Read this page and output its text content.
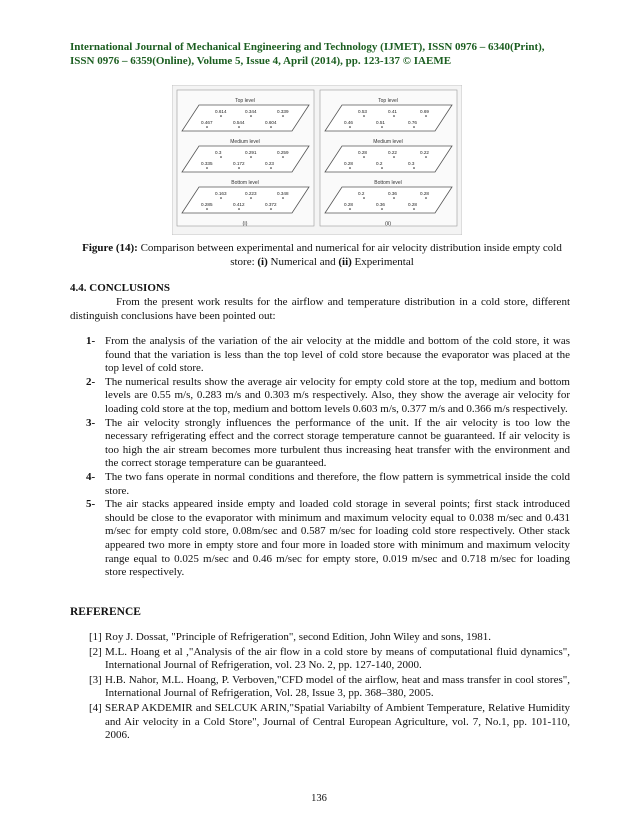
International Journal of Mechanical Engineering and Technology (IJMET), ISSN 0976 – 6340(Print),
ISSN 0976 – 6359(Online), Volume 5, Issue 4, April (2014), pp. 123-137 © IAEME
Top level
0.614	0.344	0.339
0.467	0.544	0.604
Medium level
0.3	0.291	0.259
0.335	0.172	0.23
Bottom level
0.163	0.223	0.348
0.285	0.412	0.372
(i)
Top level
0.53	0.41	0.69
0.46	0.51	0.76
Medium level
0.28	0.22	0.22
0.28	0.2	0.3
Bottom level
0.2	0.36	0.28
0.28	0.36	0.28
(ii)
Figure (14): Comparison between experimental and numerical for air velocity distribution inside empty cold store: (i) Numerical and (ii) Experimental
4.4. CONCLUSIONS
From the present work results for the airflow and temperature distribution in a cold store, different distinguish conclusions have been pointed out:
1- From the analysis of the variation of the air velocity at the middle and bottom of the cold store, it was found that the variation is less than the top level of cold store because the evaporator was placed at the top level of cold store.
2- The numerical results show the average air velocity for empty cold store at the top, medium and bottom levels are 0.55 m/s, 0.283 m/s and 0.303 m/s respectively. Also, they show the average air velocity for loading cold store at the top, medium and bottom levels 0.603 m/s, 0.377 m/s and 0.366 m/s respectively.
3- The air velocity strongly influences the performance of the unit. If the air velocity is too low the necessary refrigerating effect and the correct storage temperature cannot be guaranteed. If air velocity is too high the air stream becomes more turbulent thus increasing heat transfer with the environment and the correct storage temperature can be guaranteed.
4- The two fans operate in normal conditions and therefore, the flow pattern is symmetrical inside the cold store.
5- The air stacks appeared inside empty and loaded cold storage in several points; first stack introduced should be close to the evaporator with minimum and maximum velocity equal to 0.038 m/sec and 0.431 m/sec for empty cold store, 0.08m/sec and 0.587 m/sec for loading cold store respectively. Other stack appeared two more in empty store and four more in loaded store with minimum and maximum velocity range equal to 0.025 m/sec and 0.46 m/sec for empty store, 0.019 m/sec and 0.718 m/sec for loading store respectively.
REFERENCE
[1] Roy J. Dossat, "Principle of Refrigeration", second Edition, John Wiley and sons, 1981.
[2] M.L. Hoang et al ,"Analysis of the air flow in a cold store by means of computational fluid dynamics", International Journal of Refrigeration, vol. 23 No. 2, pp. 127-140, 2000.
[3] H.B. Nahor, M.L. Hoang, P. Verboven,"CFD model of the airflow, heat and mass transfer in cool stores", International Journal of Refrigeration, Vol. 28, Issue 3, pp. 368–380, 2005.
[4] SERAP AKDEMIR and SELCUK ARIN,"Spatial Variabilty of Ambient Temperature, Relative Humidity and Air velocity in a Cold Store", Journal of Central European Agriculture, vol. 7, No.1, pp. 101-110, 2006.
136
